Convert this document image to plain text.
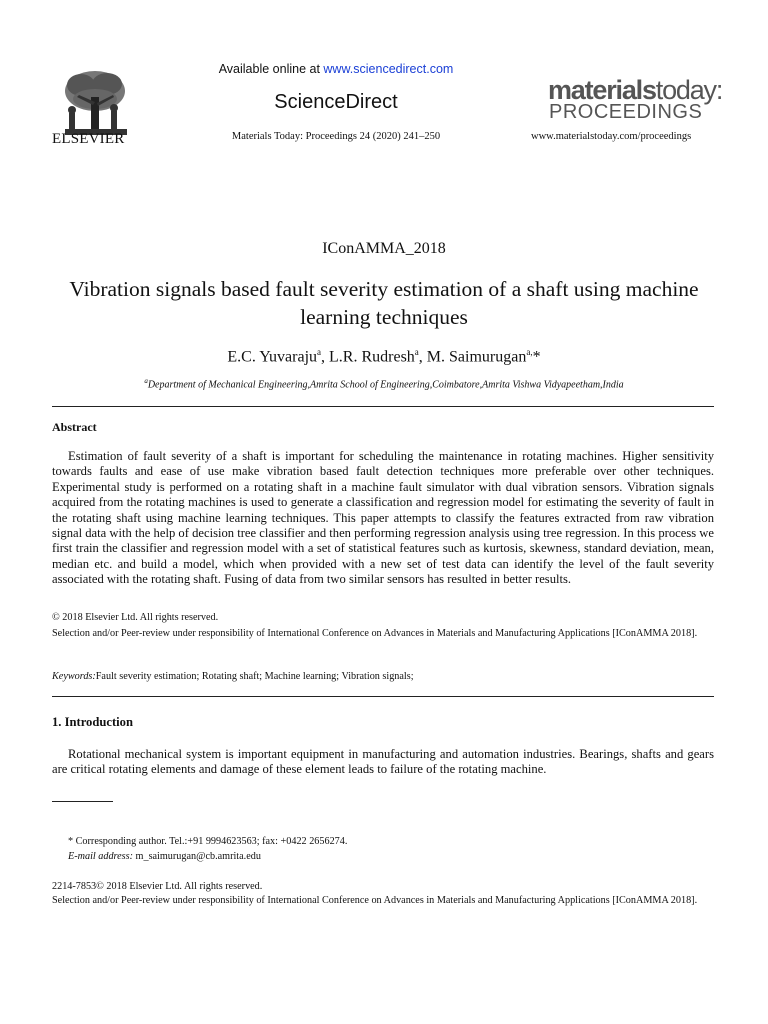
ELSEVIER
Available online at www.sciencedirect.com
ScienceDirect
Materials Today: Proceedings 24 (2020) 241–250
materialstoday:
PROCEEDINGS
www.materialstoday.com/proceedings
IConAMMA_2018
Vibration signals based fault severity estimation of a shaft using machine learning techniques
E.C. Yuvaraju$^a$, L.R. Rudresh$^a$, M. Saimurugan$^{a,}$*
$^a$Department of Mechanical Engineering,Amrita School of Engineering,Coimbatore,Amrita Vishwa Vidyapeetham,India
Abstract
Estimation of fault severity of a shaft is important for scheduling the maintenance in rotating machines. Higher sensitivity towards faults and ease of use make vibration based fault detection techniques more preferable over other techniques. Experimental study is performed on a rotating shaft in a machine fault simulator with dual vibration sensors. Vibration signals acquired from the rotating machines is used to generate a classification and regression model for estimating the severity of fault in the rotating shaft using machine learning techniques. This paper attempts to classify the features extracted from raw vibration signal data with the help of decision tree classifier and then performing regression analysis using tree regression. In this process we first train the classifier and regression model with a set of statistical features such as kurtosis, skewness, standard deviation, mean, median etc. and build a model, which when provided with a new set of test data can identify the level of the fault severity associated with the rotating shaft. Fusing of data from two similar sensors has resulted in better results.
© 2018 Elsevier Ltd. All rights reserved.
Selection and/or Peer-review under responsibility of International Conference on Advances in Materials and Manufacturing Applications [IConAMMA 2018].
Keywords:Fault severity estimation; Rotating shaft; Machine learning; Vibration signals;
1. Introduction
Rotational mechanical system is important equipment in manufacturing and automation industries. Bearings, shafts and gears are critical rotating elements and damage of these element leads to failure of the rotating machine.
* Corresponding author. Tel.:+91 9994623563; fax: +0422 2656274.
E-mail address: m_saimurugan@cb.amrita.edu
2214-7853© 2018 Elsevier Ltd. All rights reserved.
Selection and/or Peer-review under responsibility of International Conference on Advances in Materials and Manufacturing Applications [IConAMMA 2018].
